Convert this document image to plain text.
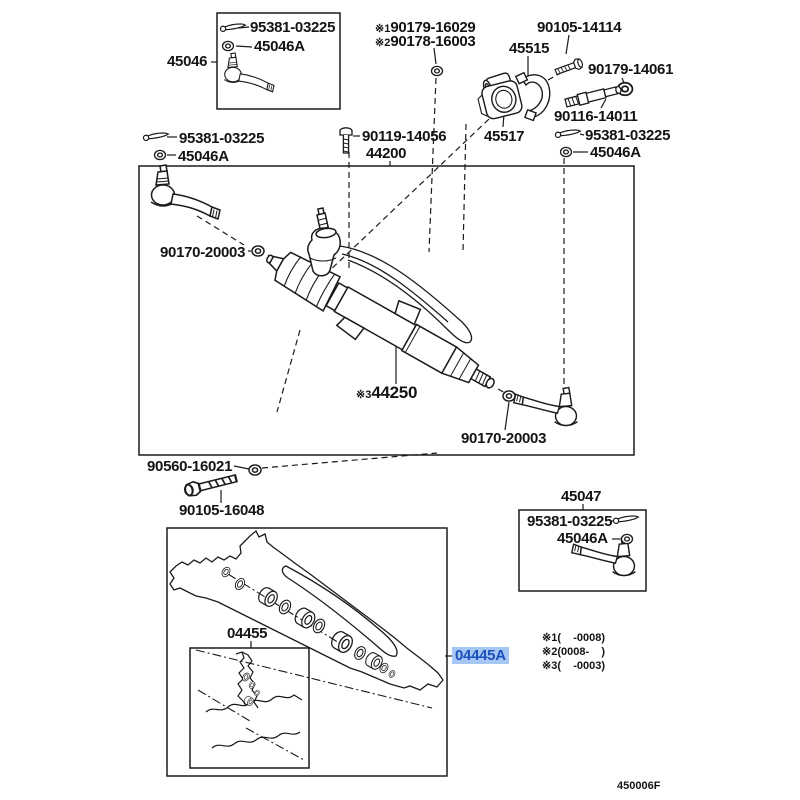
45046
95381-03225
45046A
※190179-16029
※290178-16003
90105-14114
45515
90179-14061
90116-14011
45517	95381-03225
45046A
90119-14056
44200
95381-03225
45046A
90170-20003
※344250
90170-20003
90560-16021
90105-16048
45047
95381-03225
45046A
04455
04445A
※1(    -0008)
※2(0008-    )
※3(    -0003)
450006F
